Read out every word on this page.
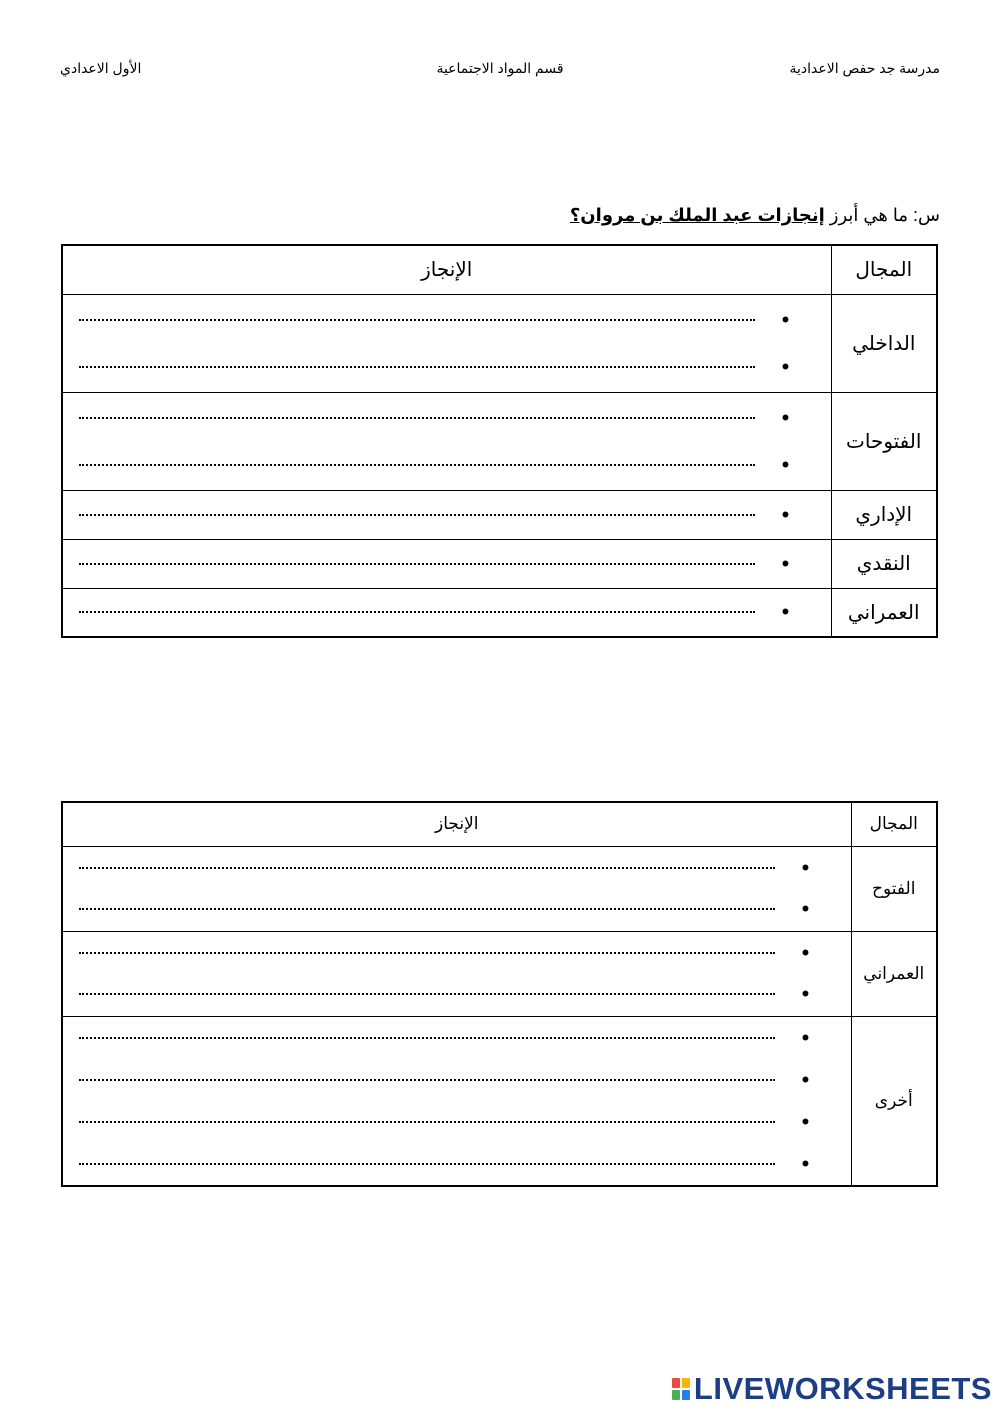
مدرسة جد حفص الاعدادية
قسم المواد الاجتماعية
الأول الاعدادي
س: ما هي أبرز إنجازات عبد الملك بن مروان؟
المجال	الإنجاز
الداخلي	•
•

الفتوحات	•
•

الإداري	•

النقدي	•

العمراني	•
المجال	الإنجاز
الفتوح	•
•

العمراني	•
•

أخرى	•
•
•
•
LIVEWORKSHEETS
